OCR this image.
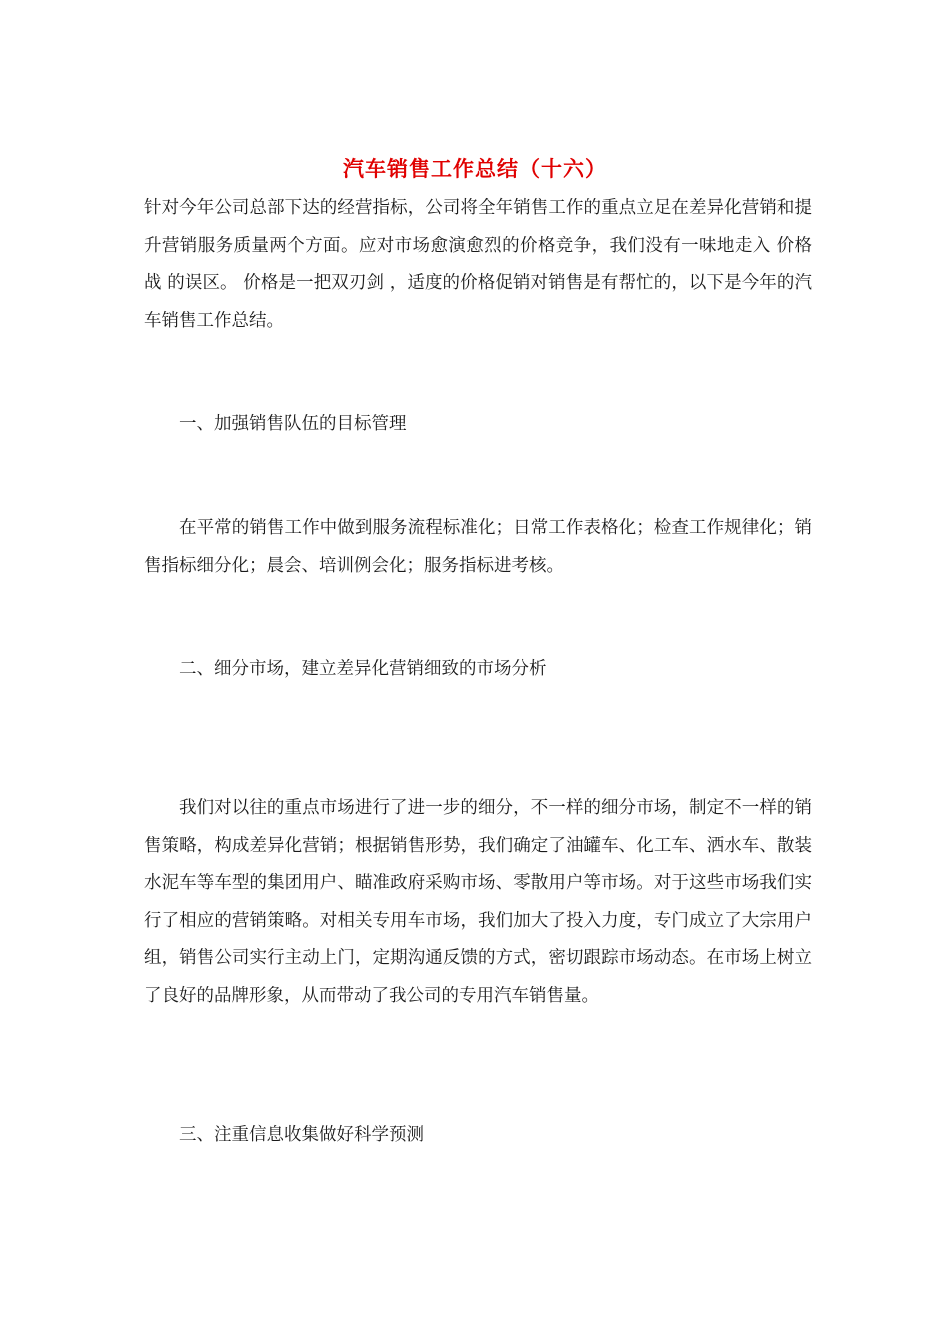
汽车销售工作总结（十六）

针对今年公司总部下达的经营指标，公司将全年销售工作的重点立足在差异化营销和提升营销服务质量两个方面。应对市场愈演愈烈的价格竞争，我们没有一味地走入 价格战 的误区。 价格是一把双刃剑 ，适度的价格促销对销售是有帮忙的，以下是今年的汽车销售工作总结。

一、加强销售队伍的目标管理

在平常的销售工作中做到服务流程标准化；日常工作表格化；检查工作规律化；销售指标细分化；晨会、培训例会化；服务指标进考核。

二、细分市场，建立差异化营销细致的市场分析

我们对以往的重点市场进行了进一步的细分，不一样的细分市场，制定不一样的销售策略，构成差异化营销；根据销售形势，我们确定了油罐车、化工车、洒水车、散装水泥车等车型的集团用户、瞄准政府采购市场、零散用户等市场。对于这些市场我们实行了相应的营销策略。对相关专用车市场，我们加大了投入力度，专门成立了大宗用户组，销售公司实行主动上门，定期沟通反馈的方式，密切跟踪市场动态。在市场上树立了良好的品牌形象，从而带动了我公司的专用汽车销售量。

三、注重信息收集做好科学预测
